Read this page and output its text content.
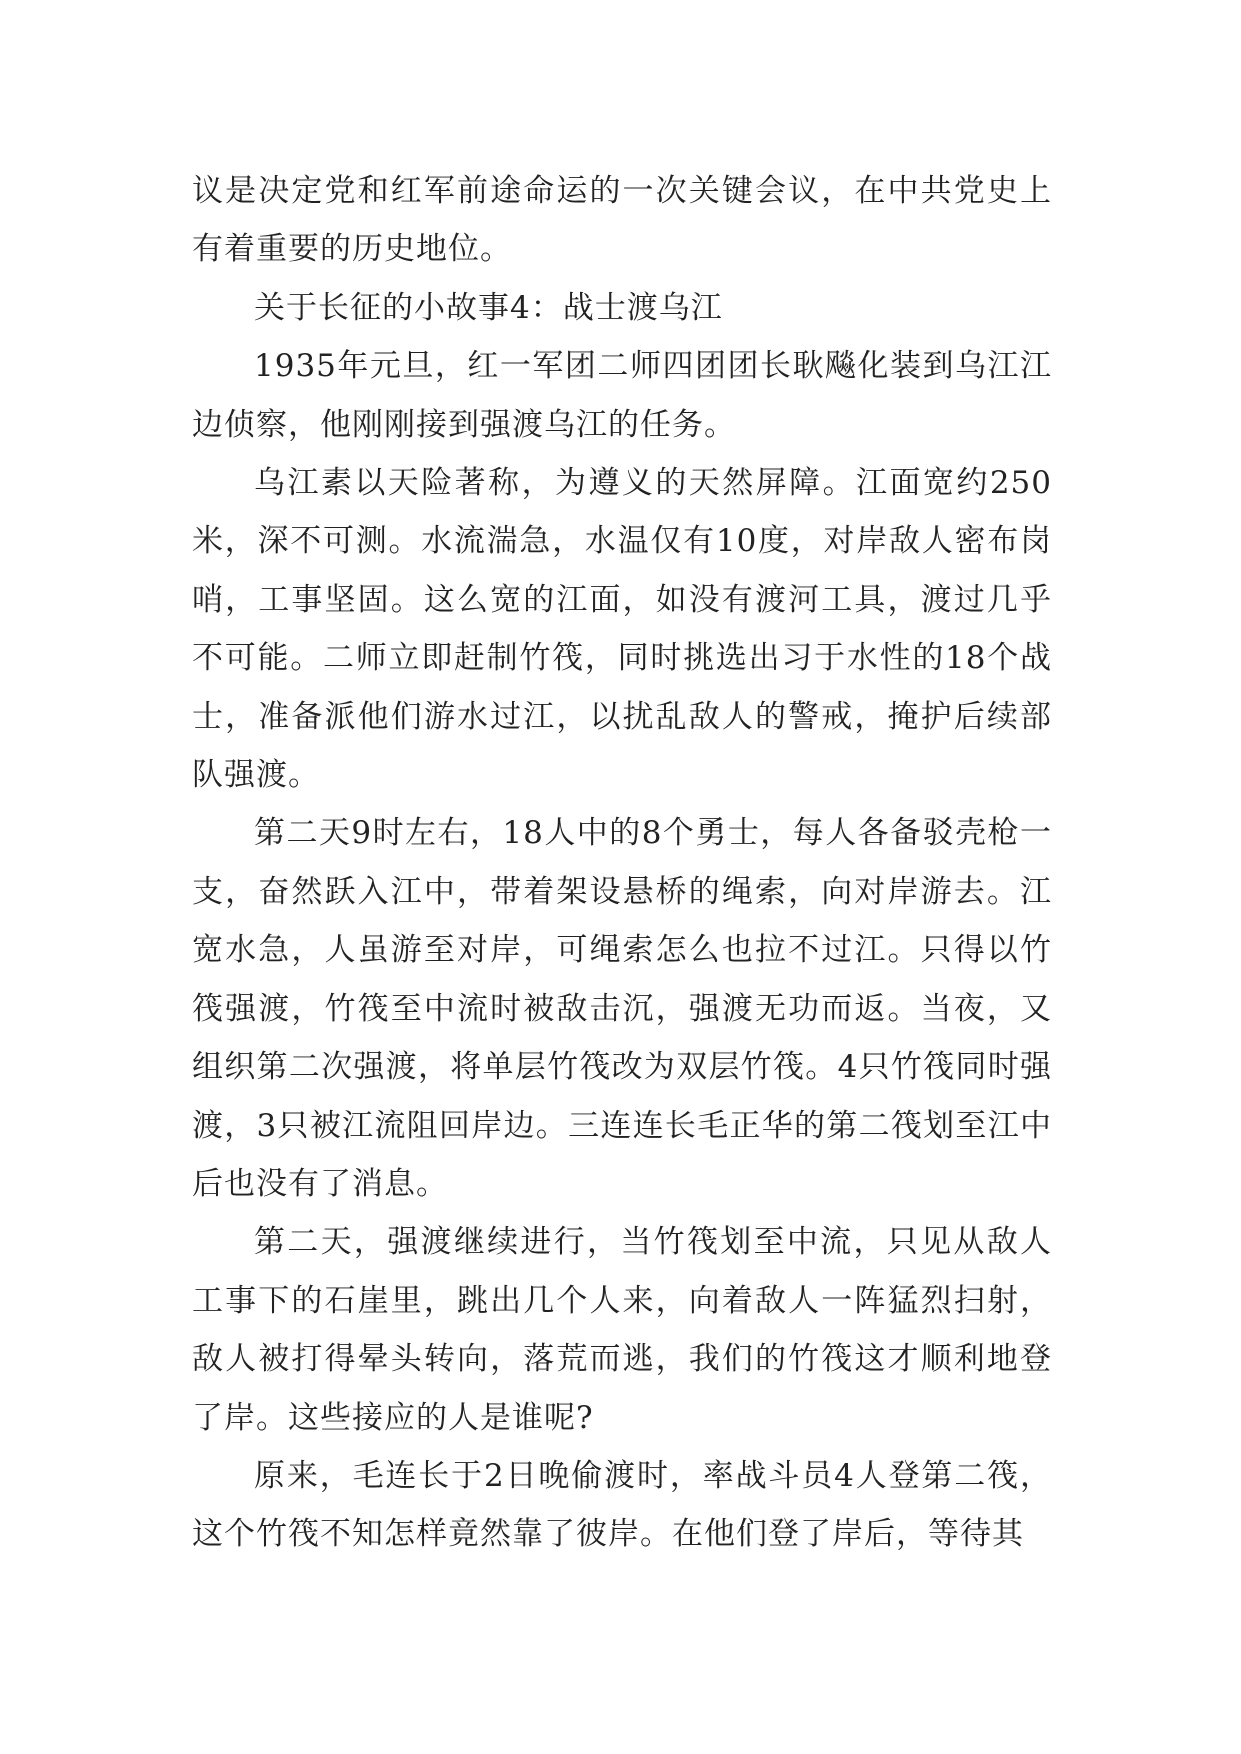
议是决定党和红军前途命运的一次关键会议，在中共党史上有着重要的历史地位。

关于长征的小故事4：战士渡乌江

1935年元旦，红一军团二师四团团长耿飚化装到乌江江边侦察，他刚刚接到强渡乌江的任务。

乌江素以天险著称，为遵义的天然屏障。江面宽约250米，深不可测。水流湍急，水温仅有10度，对岸敌人密布岗哨，工事坚固。这么宽的江面，如没有渡河工具，渡过几乎不可能。二师立即赶制竹筏，同时挑选出习于水性的18个战士，准备派他们游水过江，以扰乱敌人的警戒，掩护后续部队强渡。

第二天9时左右，18人中的8个勇士，每人各备驳壳枪一支，奋然跃入江中，带着架设悬桥的绳索，向对岸游去。江宽水急，人虽游至对岸，可绳索怎么也拉不过江。只得以竹筏强渡，竹筏至中流时被敌击沉，强渡无功而返。当夜，又组织第二次强渡，将单层竹筏改为双层竹筏。4只竹筏同时强渡，3只被江流阻回岸边。三连连长毛正华的第二筏划至江中后也没有了消息。

第二天，强渡继续进行，当竹筏划至中流，只见从敌人工事下的石崖里，跳出几个人来，向着敌人一阵猛烈扫射，敌人被打得晕头转向，落荒而逃，我们的竹筏这才顺利地登了岸。这些接应的人是谁呢?

原来，毛连长于2日晚偷渡时，率战斗员4人登第二筏，这个竹筏不知怎样竟然靠了彼岸。在他们登了岸后，等待其
